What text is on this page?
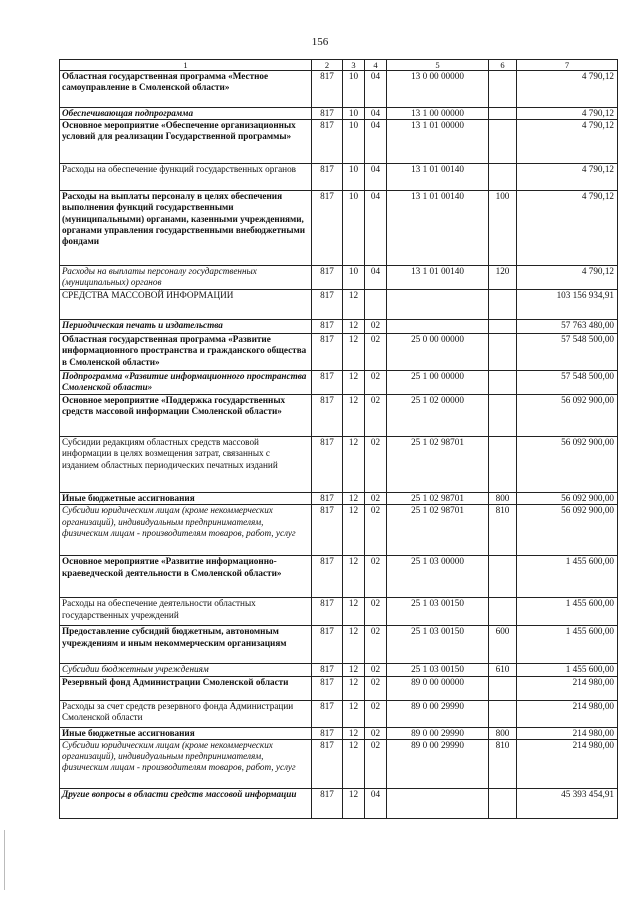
156
1	2	3	4	5	6	7
Областная государственная программа «Местное самоуправление в Смоленской области»	817	10	04	13 0 00 00000		4 790,12
Обеспечивающая подпрограмма	817	10	04	13 1 00 00000		4 790,12
Основное мероприятие «Обеспечение организационных условий для реализации Государственной программы»	817	10	04	13 1 01 00000		4 790,12
Расходы на обеспечение функций государственных органов	817	10	04	13 1 01 00140		4 790,12
Расходы на выплаты персоналу в целях обеспечения выполнения функций государственными (муниципальными) органами, казенными учреждениями, органами управления государственными внебюджетными фондами	817	10	04	13 1 01 00140	100	4 790,12
Расходы на выплаты персоналу государственных (муниципальных) органов	817	10	04	13 1 01 00140	120	4 790,12
СРЕДСТВА МАССОВОЙ ИНФОРМАЦИИ	817	12				103 156 934,91
Периодическая печать и издательства	817	12	02			57 763 480,00
Областная государственная программа «Развитие информационного пространства и гражданского общества в Смоленской области»	817	12	02	25 0 00 00000		57 548 500,00
Подпрограмма «Развитие информационного пространства Смоленской области»	817	12	02	25 1 00 00000		57 548 500,00
Основное мероприятие «Поддержка государственных средств массовой информации Смоленской области»	817	12	02	25 1 02 00000		56 092 900,00
Субсидии редакциям областных средств массовой информации в целях возмещения затрат, связанных с изданием областных периодических печатных изданий	817	12	02	25 1 02 98701		56 092 900,00
Иные бюджетные ассигнования	817	12	02	25 1 02 98701	800	56 092 900,00
Субсидии юридическим лицам (кроме некоммерческих организаций), индивидуальным предпринимателям, физическим лицам - производителям товаров, работ, услуг	817	12	02	25 1 02 98701	810	56 092 900,00
Основное мероприятие «Развитие информационно-краеведческой деятельности в Смоленской области»	817	12	02	25 1 03 00000		1 455 600,00
Расходы на обеспечение деятельности областных государственных учреждений	817	12	02	25 1 03 00150		1 455 600,00
Предоставление субсидий бюджетным, автономным учреждениям и иным некоммерческим организациям	817	12	02	25 1 03 00150	600	1 455 600,00
Субсидии бюджетным учреждениям	817	12	02	25 1 03 00150	610	1 455 600,00
Резервный фонд Администрации Смоленской области	817	12	02	89 0 00 00000		214 980,00
Расходы за счет средств резервного фонда Администрации Смоленской области	817	12	02	89 0 00 29990		214 980,00
Иные бюджетные ассигнования	817	12	02	89 0 00 29990	800	214 980,00
Субсидии юридическим лицам (кроме некоммерческих организаций), индивидуальным предпринимателям, физическим лицам - производителям товаров, работ, услуг	817	12	02	89 0 00 29990	810	214 980,00
Другие вопросы в области средств массовой информации	817	12	04			45 393 454,91
